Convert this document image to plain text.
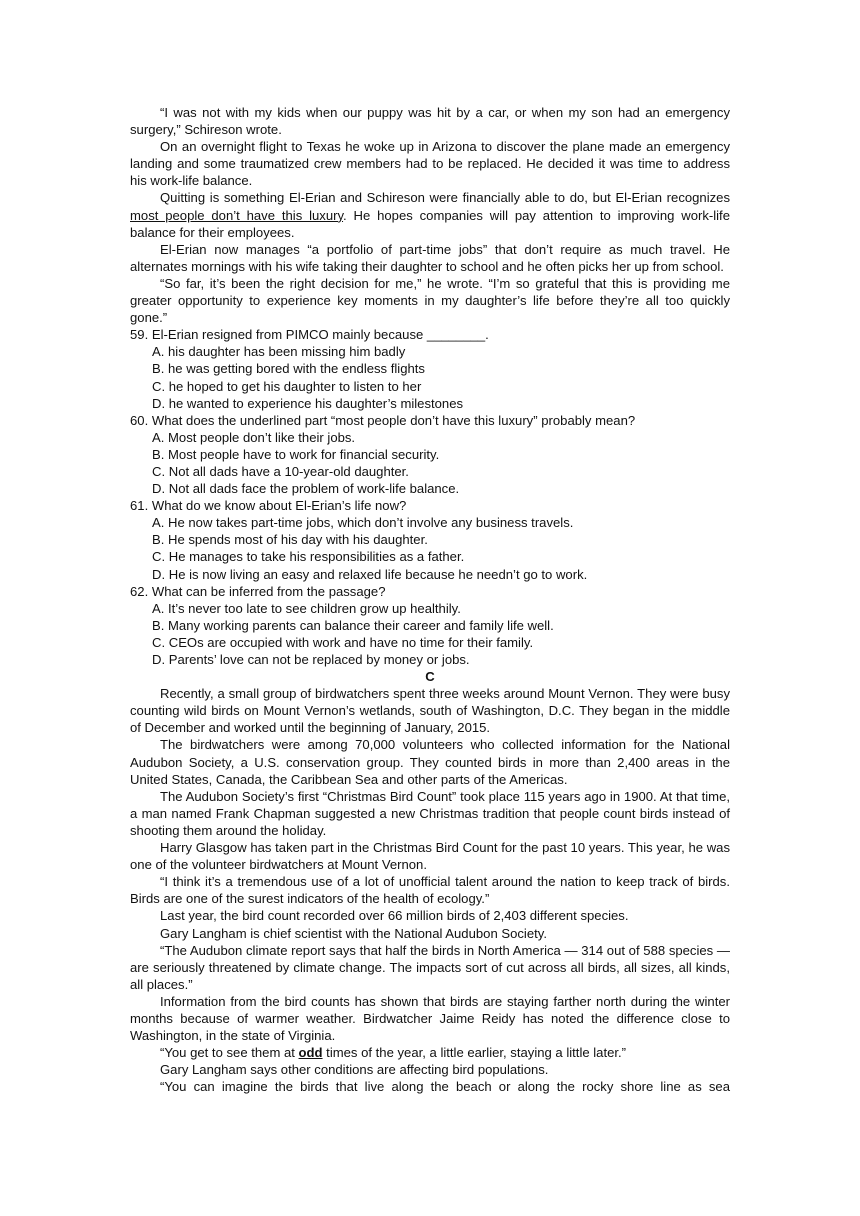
“I was not with my kids when our puppy was hit by a car, or when my son had an emergency surgery,” Schireson wrote.

On an overnight flight to Texas he woke up in Arizona to discover the plane made an emergency landing and some traumatized crew members had to be replaced. He decided it was time to address his work-life balance.

Quitting is something El-Erian and Schireson were financially able to do, but El-Erian recognizes most people don’t have this luxury. He hopes companies will pay attention to improving work-life balance for their employees.

El-Erian now manages “a portfolio of part-time jobs” that don’t require as much travel. He alternates mornings with his wife taking their daughter to school and he often picks her up from school.

“So far, it’s been the right decision for me,” he wrote. “I’m so grateful that this is providing me greater opportunity to experience key moments in my daughter’s life before they’re all too quickly gone.”

59. El-Erian resigned from PIMCO mainly because ________.

A. his daughter has been missing him badly

B. he was getting bored with the endless flights

C. he hoped to get his daughter to listen to her

D. he wanted to experience his daughter’s milestones

60. What does the underlined part “most people don’t have this luxury” probably mean?

A. Most people don’t like their jobs.

B. Most people have to work for financial security.

C. Not all dads have a 10-year-old daughter.

D. Not all dads face the problem of work-life balance.

61. What do we know about El-Erian’s life now?

A. He now takes part-time jobs, which don’t involve any business travels.

B. He spends most of his day with his daughter.

C. He manages to take his responsibilities as a father.

D. He is now living an easy and relaxed life because he needn’t go to work.

62. What can be inferred from the passage?

A. It’s never too late to see children grow up healthily.

B. Many working parents can balance their career and family life well.

C. CEOs are occupied with work and have no time for their family.

D. Parents’ love can not be replaced by money or jobs.

C

Recently, a small group of birdwatchers spent three weeks around Mount Vernon. They were busy counting wild birds on Mount Vernon’s wetlands, south of Washington, D.C. They began in the middle of December and worked until the beginning of January, 2015.

The birdwatchers were among 70,000 volunteers who collected information for the National Audubon Society, a U.S. conservation group. They counted birds in more than 2,400 areas in the United States, Canada, the Caribbean Sea and other parts of the Americas.

The Audubon Society’s first “Christmas Bird Count” took place 115 years ago in 1900. At that time, a man named Frank Chapman suggested a new Christmas tradition that people count birds instead of shooting them around the holiday.

Harry Glasgow has taken part in the Christmas Bird Count for the past 10 years. This year, he was one of the volunteer birdwatchers at Mount Vernon.

“I think it’s a tremendous use of a lot of unofficial talent around the nation to keep track of birds. Birds are one of the surest indicators of the health of ecology.”

Last year, the bird count recorded over 66 million birds of 2,403 different species.

Gary Langham is chief scientist with the National Audubon Society.

“The Audubon climate report says that half the birds in North America — 314 out of 588 species — are seriously threatened by climate change. The impacts sort of cut across all birds, all sizes, all kinds, all places.”

Information from the bird counts has shown that birds are staying farther north during the winter months because of warmer weather. Birdwatcher Jaime Reidy has noted the difference close to Washington, in the state of Virginia.

“You get to see them at odd times of the year, a little earlier, staying a little later.”

Gary Langham says other conditions are affecting bird populations.

“You can imagine the birds that live along the beach or along the rocky shore line as sea
